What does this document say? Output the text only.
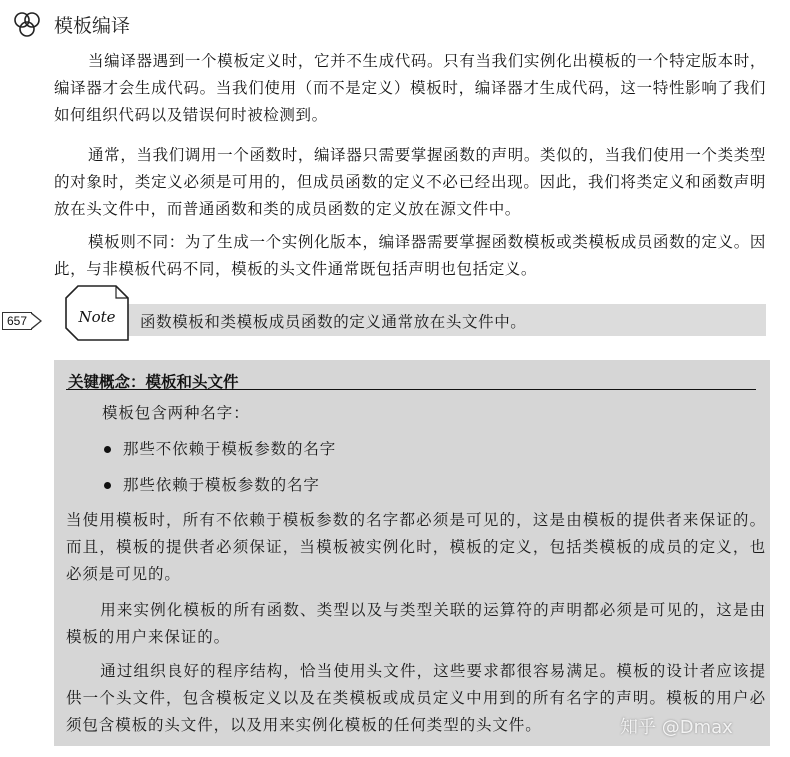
模板编译

当编译器遇到一个模板定义时，它并不生成代码。只有当我们实例化出模板的一个特定版本时，编译器才会生成代码。当我们使用（而不是定义）模板时，编译器才生成代码，这一特性影响了我们如何组织代码以及错误何时被检测到。

通常，当我们调用一个函数时，编译器只需要掌握函数的声明。类似的，当我们使用一个类类型的对象时，类定义必须是可用的，但成员函数的定义不必已经出现。因此，我们将类定义和函数声明放在头文件中，而普通函数和类的成员函数的定义放在源文件中。

模板则不同：为了生成一个实例化版本，编译器需要掌握函数模板或类模板成员函数的定义。因此，与非模板代码不同，模板的头文件通常既包括声明也包括定义。

657	Note 函数模板和类模板成员函数的定义通常放在头文件中。
关键概念：模板和头文件

模板包含两种名字：

那些不依赖于模板参数的名字
那些依赖于模板参数的名字

当使用模板时，所有不依赖于模板参数的名字都必须是可见的，这是由模板的提供者来保证的。而且，模板的提供者必须保证，当模板被实例化时，模板的定义，包括类模板的成员的定义，也必须是可见的。

用来实例化模板的所有函数、类型以及与类型关联的运算符的声明都必须是可见的，这是由模板的用户来保证的。

通过组织良好的程序结构，恰当使用头文件，这些要求都很容易满足。模板的设计者应该提供一个头文件，包含模板定义以及在类模板或成员定义中用到的所有名字的声明。模板的用户必须包含模板的头文件，以及用来实例化模板的任何类型的头文件。	知乎 @Dmax
